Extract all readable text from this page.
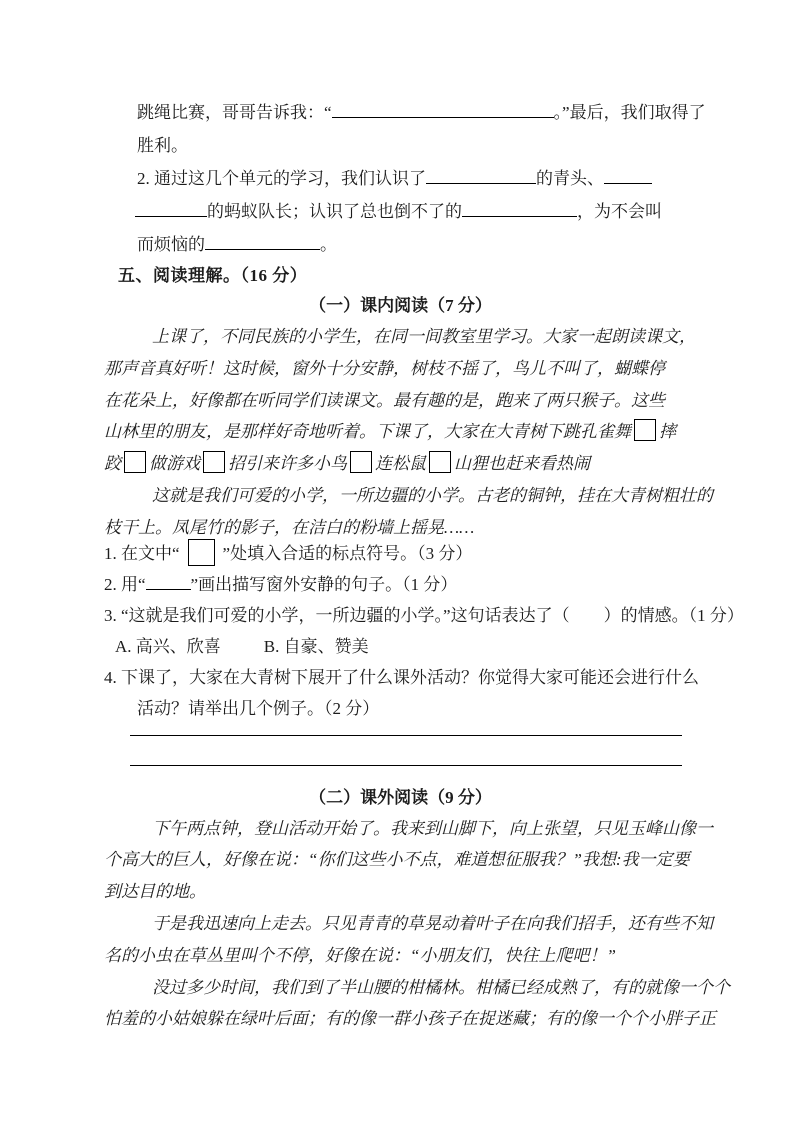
跳绳比赛，哥哥告诉我：“	。”最后，我们取得了
胜利。
2. 通过这几个单元的学习，我们认识了	的青头、
的蚂蚁队长；认识了总也倒不了的	，为不会叫
而烦恼的	。
五、阅读理解。（16 分）
（一）课内阅读（7 分）
上课了，不同民族的小学生，在同一间教室里学习。大家一起朗读课文，
那声音真好听！这时候，窗外十分安静，树枝不摇了，鸟儿不叫了，蝴蝶停
在花朵上，好像都在听同学们读课文。最有趣的是，跑来了两只猴子。这些
山林里的朋友，是那样好奇地听着。下课了，大家在大青树下跳孔雀舞 摔
跤 做游戏 招引来许多小鸟 连松鼠 山狸也赶来看热闹
这就是我们可爱的小学，一所边疆的小学。古老的铜钟，挂在大青树粗壮的
枝干上。凤尾竹的影子，在洁白的粉墙上摇晃……
1. 在文中“	”处填入合适的标点符号。（3 分）
2. 用“	”画出描写窗外安静的句子。（1 分）
3. “这就是我们可爱的小学，一所边疆的小学。”这句话表达了（　　）的情感。（1 分）
A. 高兴、欣喜	B. 自豪、赞美
4. 下课了，大家在大青树下展开了什么课外活动？你觉得大家可能还会进行什么
活动？请举出几个例子。（2 分）
（二）课外阅读（9 分）
下午两点钟，登山活动开始了。我来到山脚下，向上张望，只见玉峰山像一
个高大的巨人，好像在说：“你们这些小不点，难道想征服我？”我想:我一定要
到达目的地。
于是我迅速向上走去。只见青青的草晃动着叶子在向我们招手，还有些不知
名的小虫在草丛里叫个不停，好像在说：“小朋友们，快往上爬吧！”
没过多少时间，我们到了半山腰的柑橘林。柑橘已经成熟了，有的就像一个个
怕羞的小姑娘躲在绿叶后面；有的像一群小孩子在捉迷藏；有的像一个个小胖子正
